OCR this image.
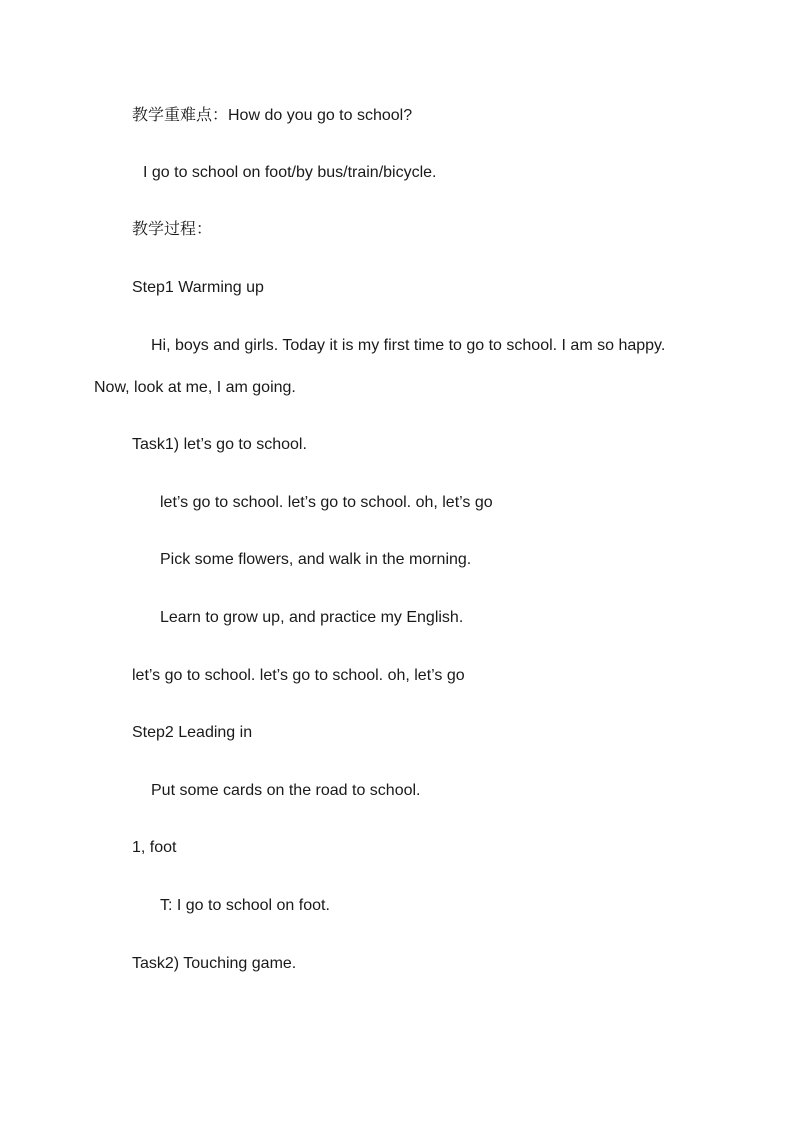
教学重难点：How do you go to school?

I go to school on foot/by bus/train/bicycle.

教学过程：

Step1 Warming up

Hi, boys and girls. Today it is my first time to go to school. I am so happy.

Now, look at me, I am going.

Task1) let’s go to school.

let’s go to school. let’s go to school. oh, let’s go

Pick some flowers, and walk in the morning.

Learn to grow up, and practice my English.

let’s go to school. let’s go to school. oh, let’s go

Step2 Leading in

Put some cards on the road to school.

1, foot

T: I go to school on foot.

Task2) Touching game.
